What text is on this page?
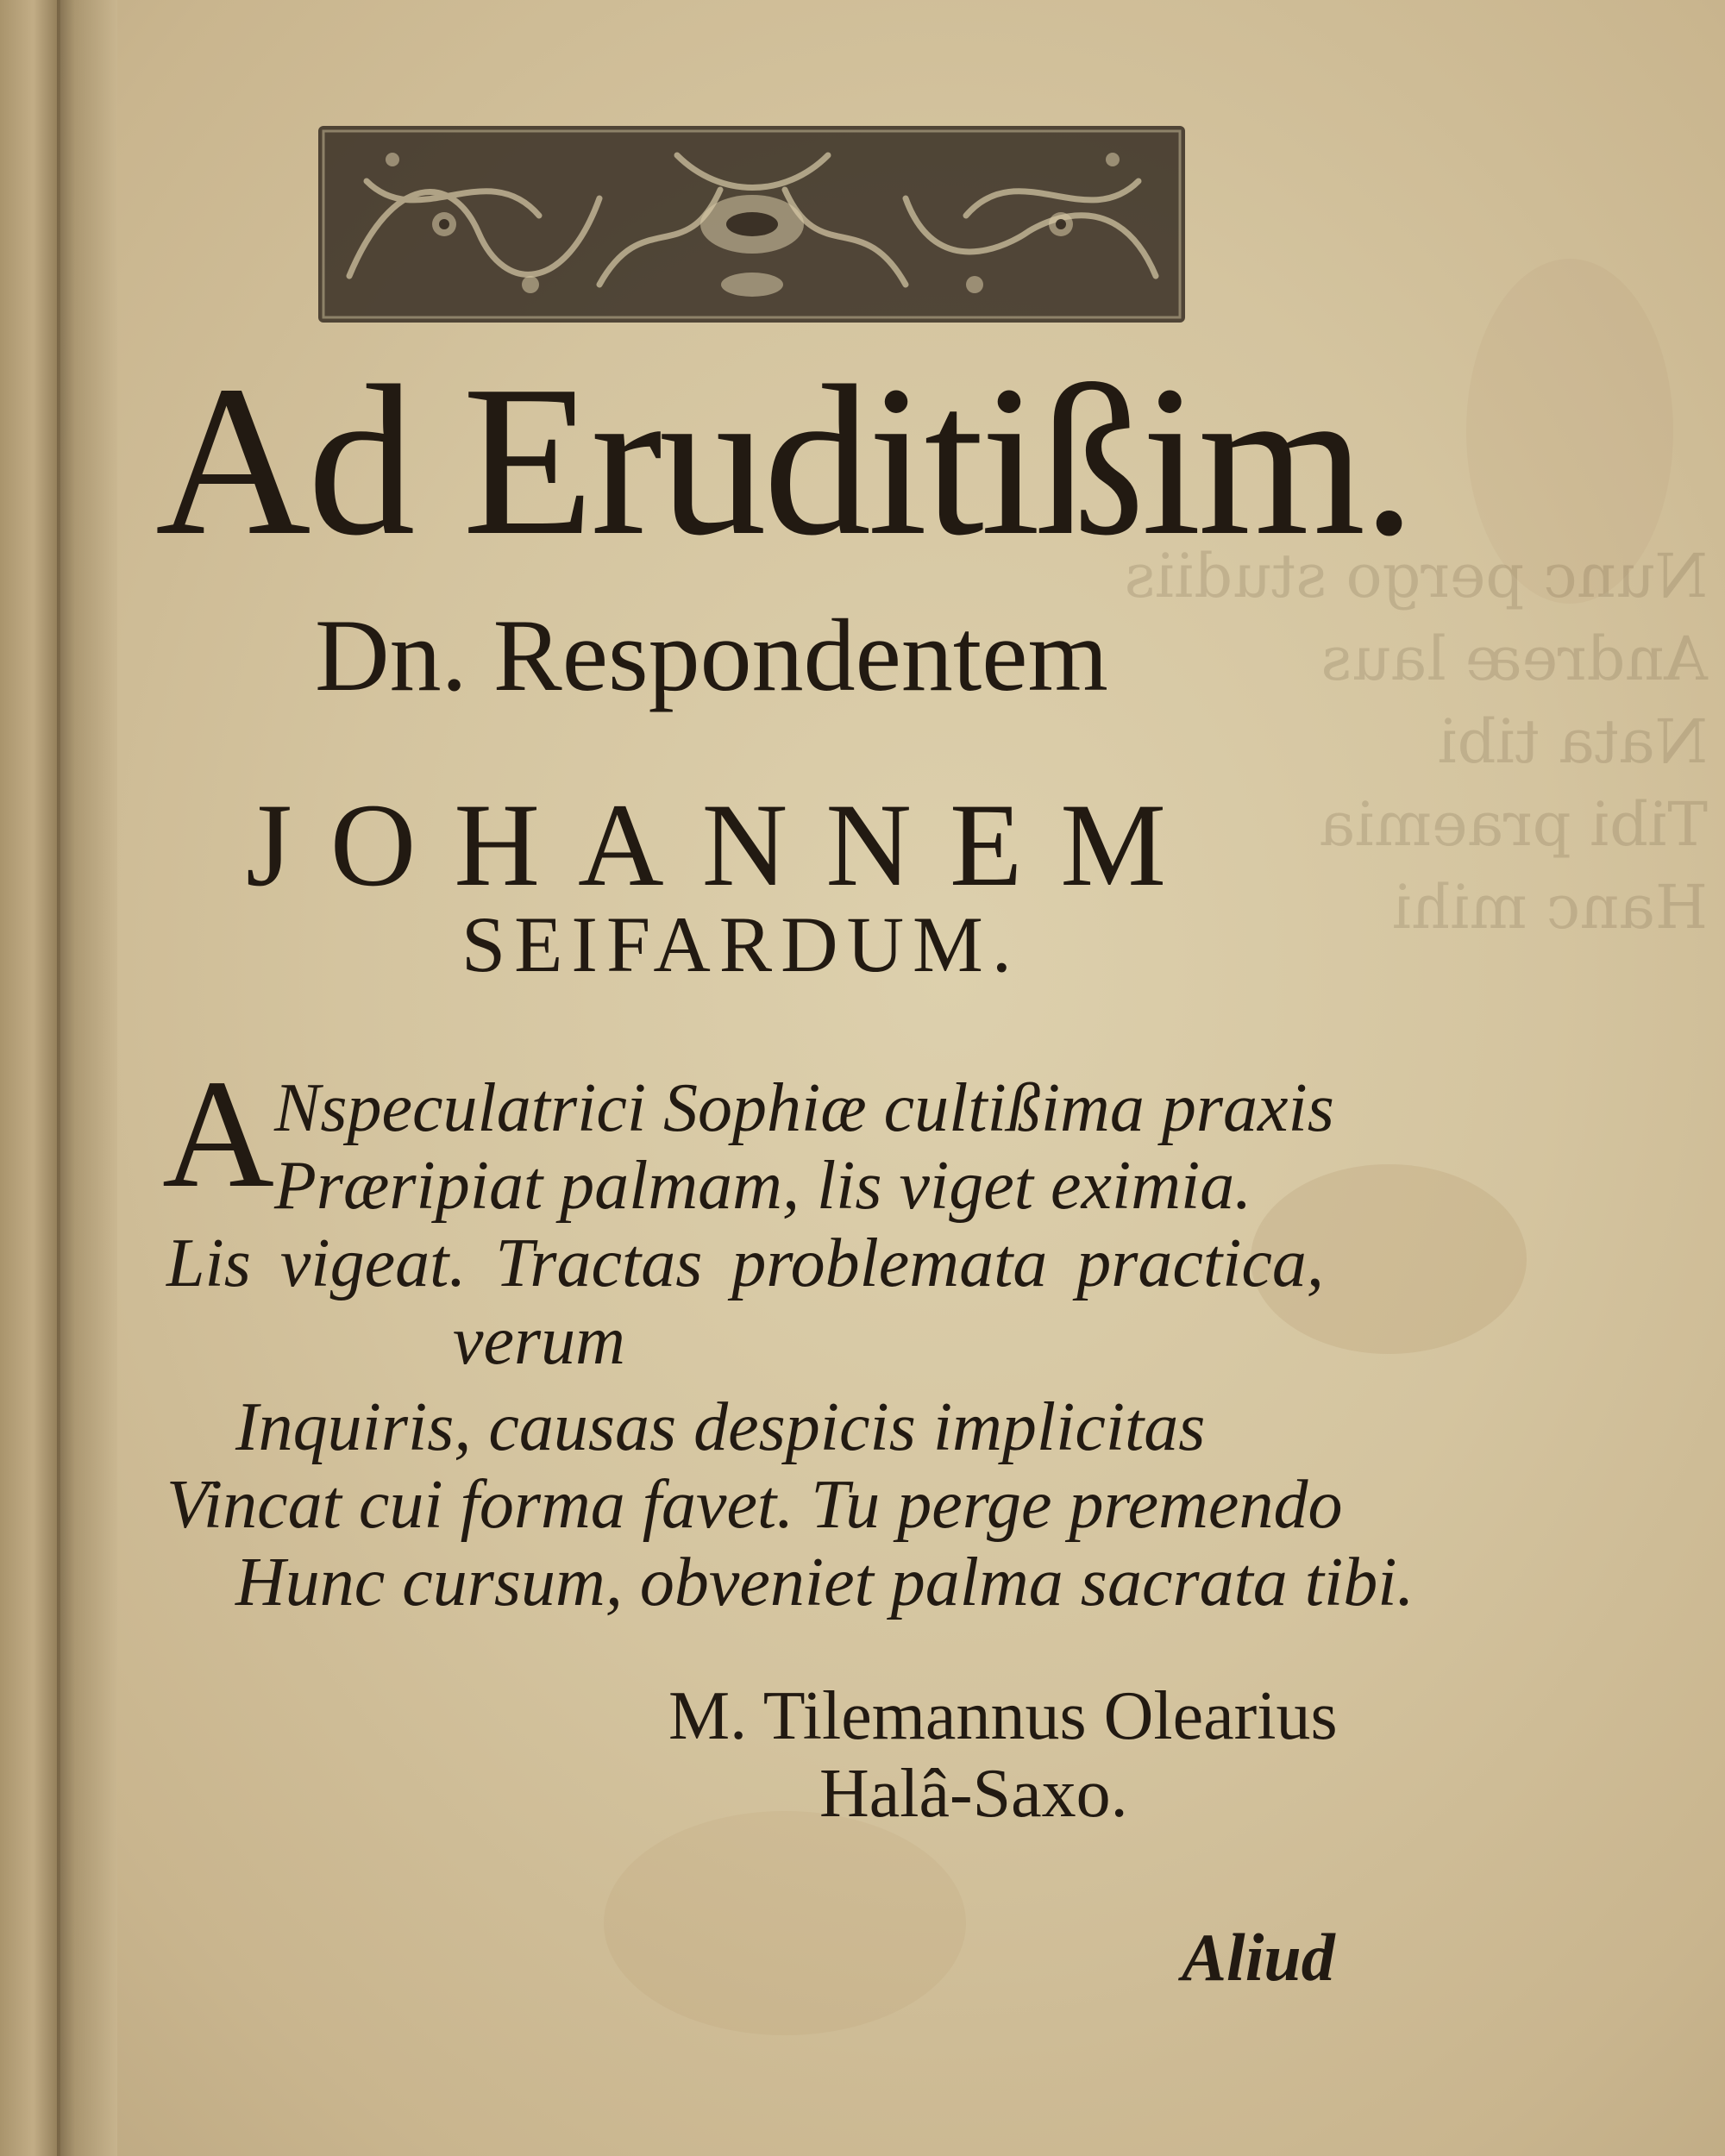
Nunc pergo studiis
Andreæ laus
Nata tibi
Tibi praemia
Hanc mihi
Ad Eruditißim.
Dn. Respondentem
JOHANNEM
SEIFARDUM.
A Nspeculatrici Sophiæ cultißima praxis
Præripiat palmam, lis viget eximia.
Lis vigeat. Tractas problemata practica,
verum
Inquiris, causas despicis implicitas
Vincat cui forma favet. Tu perge premendo
Hunc cursum, obveniet palma sacrata tibi.
M. Tilemannus Olearius
Halâ-Saxo.
Aliud
